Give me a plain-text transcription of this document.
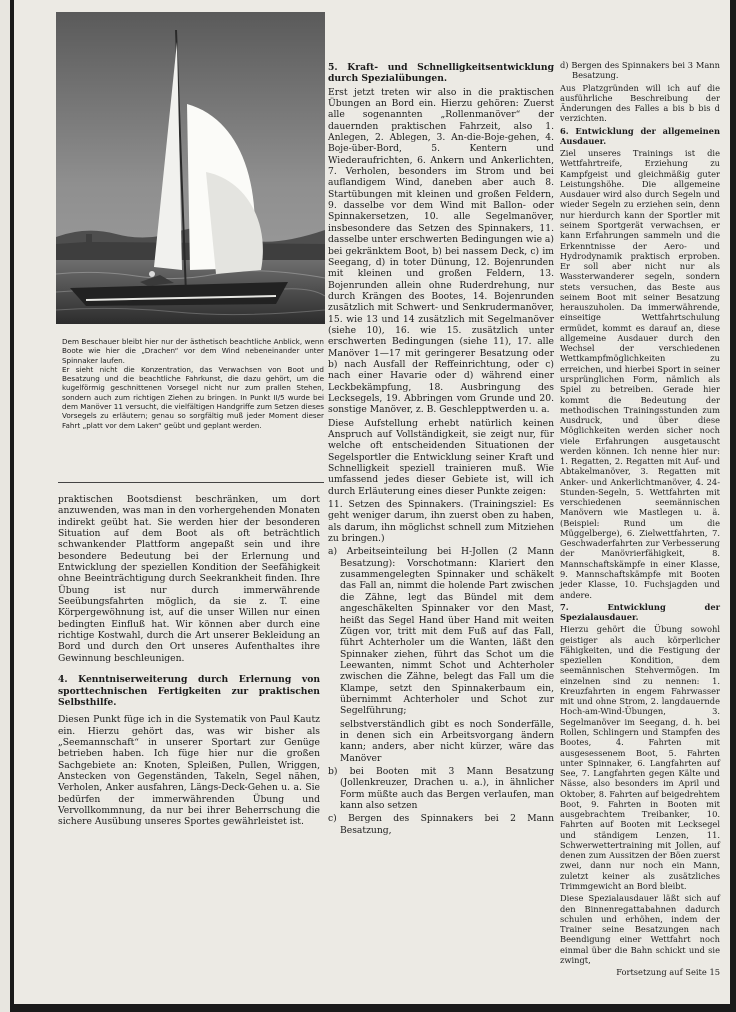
Dem Beschauer bleibt hier nur der ästhetisch beachtliche Anblick, wenn Boote wie hier die „Drachen“ vor dem Wind nebeneinander unter Spinnaker laufen.

Er sieht nicht die Konzentration, das Verwachsen von Boot und Besatzung und die beachtliche Fahrkunst, die dazu gehört, um die kugelförmig geschnittenen Vorsegel nicht nur zum prallen Stehen, sondern auch zum richtigen Ziehen zu bringen. In Punkt II/5 wurde bei dem Manöver 11 versucht, die vielfältigen Handgriffe zum Setzen dieses Vorsegels zu erläutern; genau so sorgfältig muß jeder Moment dieser Fahrt „platt vor dem Laken“ geübt und geplant werden.

praktischen Bootsdienst beschränken, um dort anzuwenden, was man in den vorhergehenden Monaten indirekt geübt hat. Sie werden hier der besonderen Situation auf dem Boot als oft beträchtlich schwankender Plattform angepaßt sein und ihre besondere Bedeutung bei der Erlernung und Entwicklung der speziellen Kondition der Seefähigkeit ohne Beeinträchtigung durch Seekrankheit finden. Ihre Übung ist nur durch immerwährende Seeübungsfahrten möglich, da sie z. T. eine Körpergewöhnung ist, auf die unser Willen nur einen bedingten Einfluß hat. Wir können aber durch eine richtige Kostwahl, durch die Art unserer Bekleidung an Bord und durch den Ort unseres Aufenthaltes ihre Gewinnung beschleunigen.

4. Kenntniserweiterung durch Erlernung von sporttechnischen Fertigkeiten zur praktischen Selbsthilfe.

Diesen Punkt füge ich in die Systematik von Paul Kautz ein. Hierzu gehört das, was wir bisher als „Seemannschaft“ in unserer Sportart zur Genüge betrieben haben. Ich füge hier nur die großen Sachgebiete an: Knoten, Spleißen, Pullen, Wriggen, Anstecken von Gegenständen, Takeln, Segel nähen, Verholen, Anker ausfahren, Längs-Deck-Gehen u. a. Sie bedürfen der immerwährenden Übung und Vervollkommnung, da nur bei ihrer Beherrschung die sichere Ausübung unseres Sportes gewährleistet ist.

5. Kraft- und Schnelligkeitsentwicklung durch Spezialübungen.

Erst jetzt treten wir also in die praktischen Übungen an Bord ein. Hierzu gehören: Zuerst alle sogenannten „Rollenmanöver“ der dauernden praktischen Fahrzeit, also 1. Anlegen, 2. Ablegen, 3. An-die-Boje-gehen, 4. Boje-über-Bord, 5. Kentern und Wiederaufrichten, 6. Ankern und Ankerlichten, 7. Verholen, besonders im Strom und bei auflandigem Wind, daneben aber auch 8. Startübungen mit kleinen und großen Feldern, 9. dasselbe vor dem Wind mit Ballon- oder Spinnakersetzen, 10. alle Segelmanöver, insbesondere das Setzen des Spinnakers, 11. dasselbe unter erschwerten Bedingungen wie a) bei gekränktem Boot, b) bei nassem Deck, c) im Seegang, d) in toter Dünung, 12. Bojenrunden mit kleinen und großen Feldern, 13. Bojenrunden allein ohne Ruderdrehung, nur durch Krängen des Bootes, 14. Bojenrunden zusätzlich mit Schwert- und Senkrudermanöver, 15. wie 13 und 14 zusätzlich mit Segelmanöver (siehe 10), 16. wie 15. zusätzlich unter erschwerten Bedingungen (siehe 11), 17. alle Manöver 1—17 mit geringerer Besatzung oder b) nach Ausfall der Reffeinrichtung, oder c) nach einer Havarie oder d) während einer Leckbekämpfung, 18. Ausbringung des Lecksegels, 19. Abbringen vom Grunde und 20. sonstige Manöver, z. B. Geschlepptwerden u. a.

Diese Aufstellung erhebt natürlich keinen Anspruch auf Vollständigkeit, sie zeigt nur, für welche oft entscheidenden Situationen der Segelsportler die Entwicklung seiner Kraft und Schnelligkeit speziell trainieren muß. Wie umfassend jedes dieser Gebiete ist, will ich durch Erläuterung eines dieser Punkte zeigen:

11. Setzen des Spinnakers. (Trainingsziel: Es geht weniger darum, ihn zuerst oben zu haben, als darum, ihn möglichst schnell zum Mitziehen zu bringen.)

a) Arbeitseinteilung bei H-Jollen (2 Mann Besatzung): Vorschotmann: Klariert den zusammengelegten Spinnaker und schäkelt das Fall an, nimmt die holende Part zwischen die Zähne, legt das Bündel mit dem angeschäkelten Spinnaker vor den Mast, heißt das Segel Hand über Hand mit weiten Zügen vor, tritt mit dem Fuß auf das Fall, führt Achterholer um die Wanten, läßt den Spinnaker ziehen, führt das Schot um die Leewanten, nimmt Schot und Achterholer zwischen die Zähne, belegt das Fall um die Klampe, setzt den Spinnakerbaum ein, übernimmt Achterholer und Schot zur Segelführung;

selbstverständlich gibt es noch Sonderfälle, in denen sich ein Arbeitsvorgang ändern kann; anders, aber nicht kürzer, wäre das Manöver

b) bei Booten mit 3 Mann Besatzung (Jollenkreuzer, Drachen u. a.), in ähnlicher Form müßte auch das Bergen verlaufen, man kann also setzen

c) Bergen des Spinnakers bei 2 Mann Besatzung,

d) Bergen des Spinnakers bei 3 Mann Besatzung.

Aus Platzgründen will ich auf die ausführliche Beschreibung der Änderungen des Falles a bis b bis d verzichten.

6. Entwicklung der allgemeinen Ausdauer.

Ziel unseres Trainings ist die Wettfahrtreife, Erziehung zu Kampfgeist und gleichmäßig guter Leistungshöhe. Die allgemeine Ausdauer wird also durch Segeln und wieder Segeln zu erziehen sein, denn nur hierdurch kann der Sportler mit seinem Sportgerät verwachsen, er kann Erfahrungen sammeln und die Erkenntnisse der Aero- und Hydrodynamik praktisch erproben. Er soll aber nicht nur als Wassterwanderer segeln, sondern stets versuchen, das Beste aus seinem Boot mit seiner Besatzung herauszuholen. Da immerwährende, einseitige Wettfahrtschulung ermüdet, kommt es darauf an, diese allgemeine Ausdauer durch den Wechsel der verschiedenen Wettkampfmöglichkeiten zu erreichen, und hierbei Sport in seiner ursprünglichen Form, nämlich als Spiel zu betreiben. Gerade hier kommt die Bedeutung der methodischen Trainingsstunden zum Ausdruck, und über diese Möglichkeiten werden sicher noch viele Erfahrungen ausgetauscht werden können. Ich nenne hier nur: 1. Regatten, 2. Regatten mit Auf- und Abtakelmanöver, 3. Regatten mit Anker- und Ankerlichtmanöver, 4. 24-Stunden-Segeln, 5. Wettfahrten mit verschiedenen seemännischen Manövern wie Mastlegen u. ä. (Beispiel: Rund um die Müggelberge), 6. Zielwettfahrten, 7. Geschwaderfahrten zur Verbesserung der Manövrierfähigkeit, 8. Mannschaftskämpfe in einer Klasse, 9. Mannschaftskämpfe mit Booten jeder Klasse, 10. Fuchsjagden und andere.

7. Entwicklung der Spezialausdauer.

Hierzu gehört die Übung sowohl geistiger als auch körperlicher Fähigkeiten, und die Festigung der speziellen Kondition, dem seemännischen Stehvermögen. Im einzelnen sind zu nennen: 1. Kreuzfahrten in engem Fahrwasser mit und ohne Strom, 2. langdauernde Hoch-am-Wind-Übungen, 3. Segelmanöver im Seegang, d. h. bei Rollen, Schlingern und Stampfen des Bootes, 4. Fahrten mit ausgesessenem Boot, 5. Fahrten unter Spinnaker, 6. Langfahrten auf See, 7. Langfahrten gegen Kälte und Nässe, also besonders im April und Oktober, 8. Fahrten auf beigedrehtem Boot, 9. Fahrten in Booten mit ausgebrachtem Treibanker, 10. Fahrten auf Booten mit Lecksegel und ständigem Lenzen, 11. Schwerwettertraining mit Jollen, auf denen zum Aussitzen der Böen zuerst zwei, dann nur noch ein Mann, zuletzt keiner als zusätzliches Trimmgewicht an Bord bleibt.

Diese Spezialausdauer läßt sich auf den Binnenregattabahnen dadurch schulen und erhöhen, indem der Trainer seine Besatzungen nach Beendigung einer Wettfahrt noch einmal über die Bahn schickt und sie zwingt,

Fortsetzung auf Seite 15
